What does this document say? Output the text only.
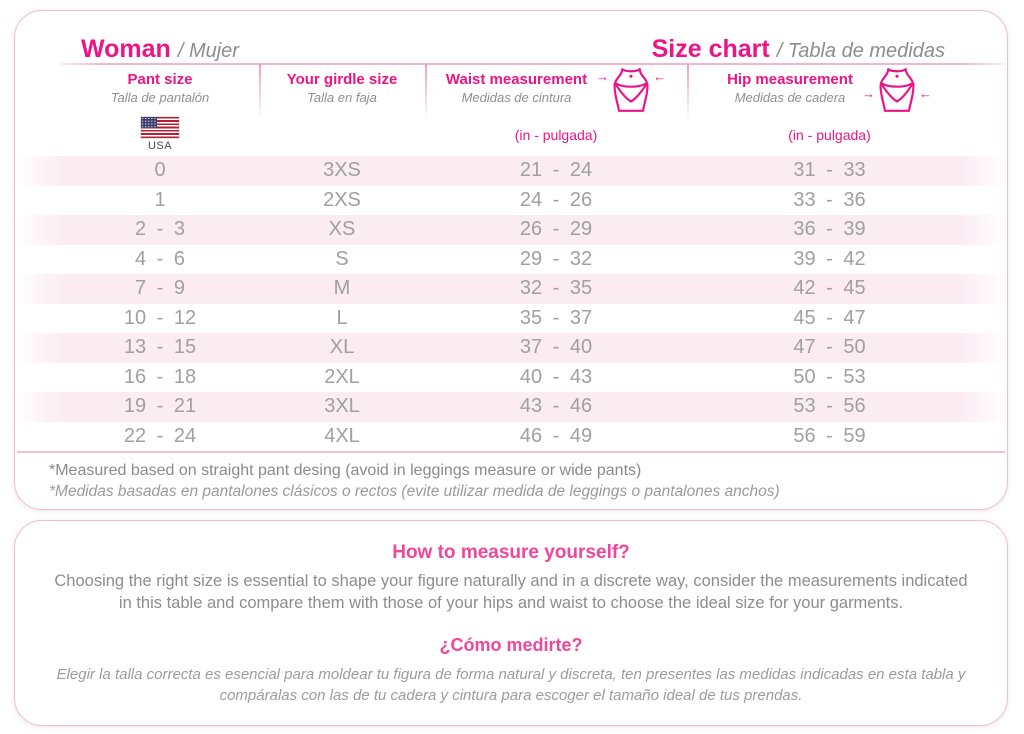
Woman / Mujer	Size chart / Tabla de medidas
Pant size
Talla de pantalón
USA
Your girdle size
Talla en faja
Waist measurement
Medidas de cintura
→	←
(in - pulgada)
Hip measurement
Medidas de cadera	→	←
(in - pulgada)
0	3XS	21 - 24	31 - 33
1	2XS	24 - 26	33 - 36
2 - 3	XS	26 - 29	36 - 39
4 - 6	S	29 - 32	39 - 42
7 - 9	M	32 - 35	42 - 45
10 - 12	L	35 - 37	45 - 47
13 - 15	XL	37 - 40	47 - 50
16 - 18	2XL	40 - 43	50 - 53
19 - 21	3XL	43 - 46	53 - 56
22 - 24	4XL	46 - 49	56 - 59
*Measured based on straight pant desing (avoid in leggings measure or wide pants)
*Medidas basadas en pantalones clásicos o rectos (evite utilizar medida de leggings o pantalones anchos)
How to measure yourself?
Choosing the right size is essential to shape your figure naturally and in a discrete way, consider the measurements indicated in this table and compare them with those of your hips and waist to choose the ideal size for your garments.
¿Cómo medirte?
Elegir la talla correcta es esencial para moldear tu figura de forma natural y discreta, ten presentes las medidas indicadas en esta tabla y compáralas con las de tu cadera y cintura para escoger el tamaño ideal de tus prendas.
